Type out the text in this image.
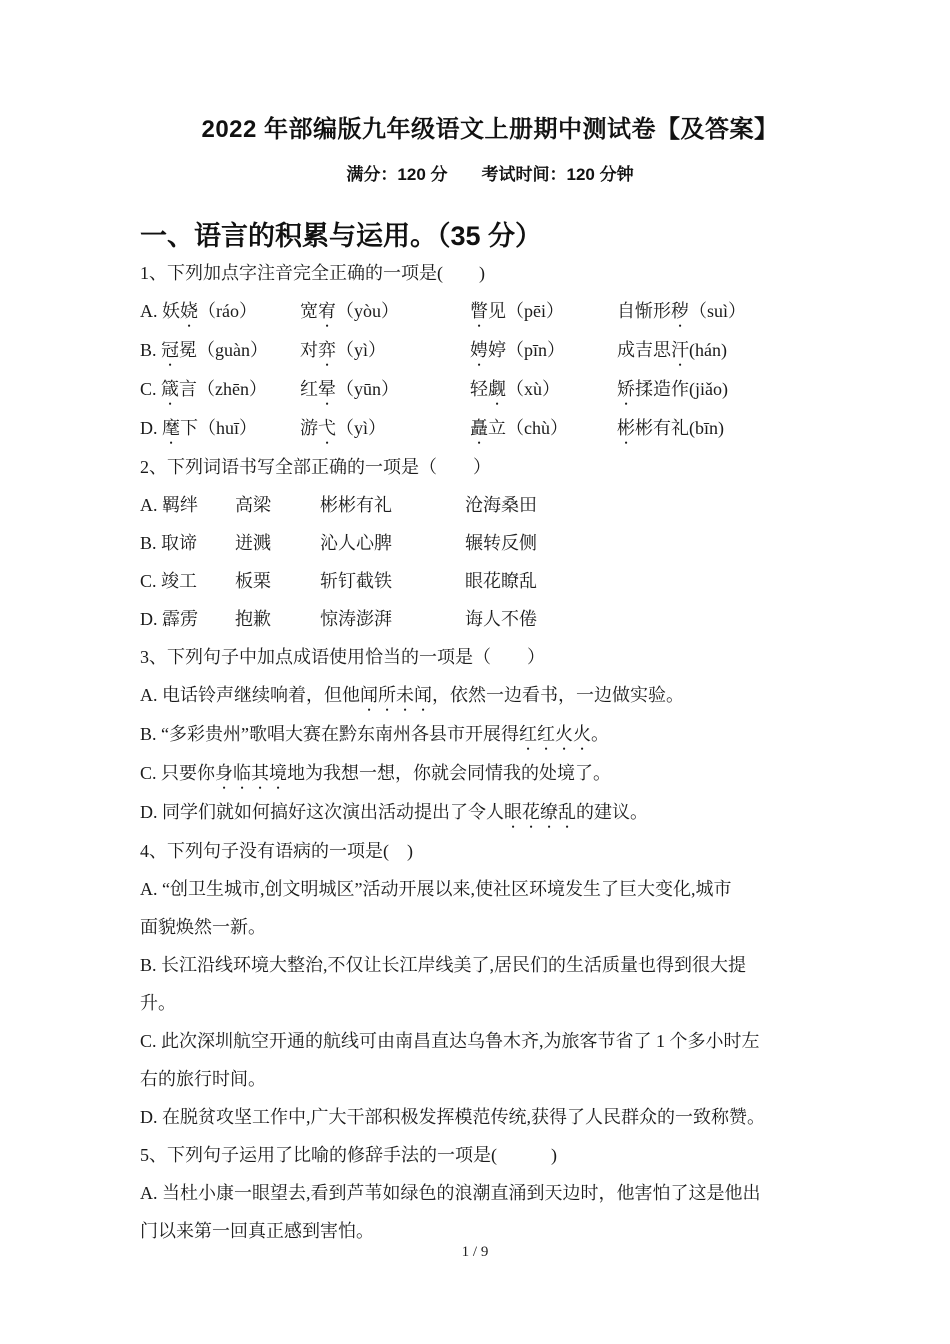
2022 年部编版九年级语文上册期中测试卷【及答案】
满分：120 分　　考试时间：120 分钟
一、语言的积累与运用。（35 分）
1、下列加点字注音完全正确的一项是(　　)
A. 妖娆（ráo）	宽宥（yòu）	瞥见（pēi）	自惭形秽（suì）
B. 冠冕（guàn）	对弈（yì）	娉婷（pīn）	成吉思汗(hán)
C. 箴言（zhēn）	红晕（yūn）	轻觑（xù）	矫揉造作(jiǎo)
D. 麾下（huī）	游弋（yì）	矗立（chù）	彬彬有礼(bīn)
2、下列词语书写全部正确的一项是（　　）
A. 羁绊	高梁	彬彬有礼	沧海桑田
B. 取谛	迸溅	沁人心脾	辗转反侧
C. 竣工	板栗	斩钉截铁	眼花瞭乱
D. 霹雳	抱歉	惊涛澎湃	诲人不倦
3、下列句子中加点成语使用恰当的一项是（　　）
A. 电话铃声继续响着，但他闻所未闻，依然一边看书，一边做实验。
B. “多彩贵州”歌唱大赛在黔东南州各县市开展得红红火火。
C. 只要你身临其境地为我想一想，你就会同情我的处境了。
D. 同学们就如何搞好这次演出活动提出了令人眼花缭乱的建议。
4、下列句子没有语病的一项是(　)
A. “创卫生城市,创文明城区”活动开展以来,使社区环境发生了巨大变化,城市
面貌焕然一新。
B. 长江沿线环境大整治,不仅让长江岸线美了,居民们的生活质量也得到很大提
升。
C. 此次深圳航空开通的航线可由南昌直达乌鲁木齐,为旅客节省了 1 个多小时左
右的旅行时间。
D. 在脱贫攻坚工作中,广大干部积极发挥模范传统,获得了人民群众的一致称赞。
5、下列句子运用了比喻的修辞手法的一项是(　　　)
A. 当杜小康一眼望去,看到芦苇如绿色的浪潮直涌到天边时，他害怕了这是他出
门以来第一回真正感到害怕。
1 / 9
